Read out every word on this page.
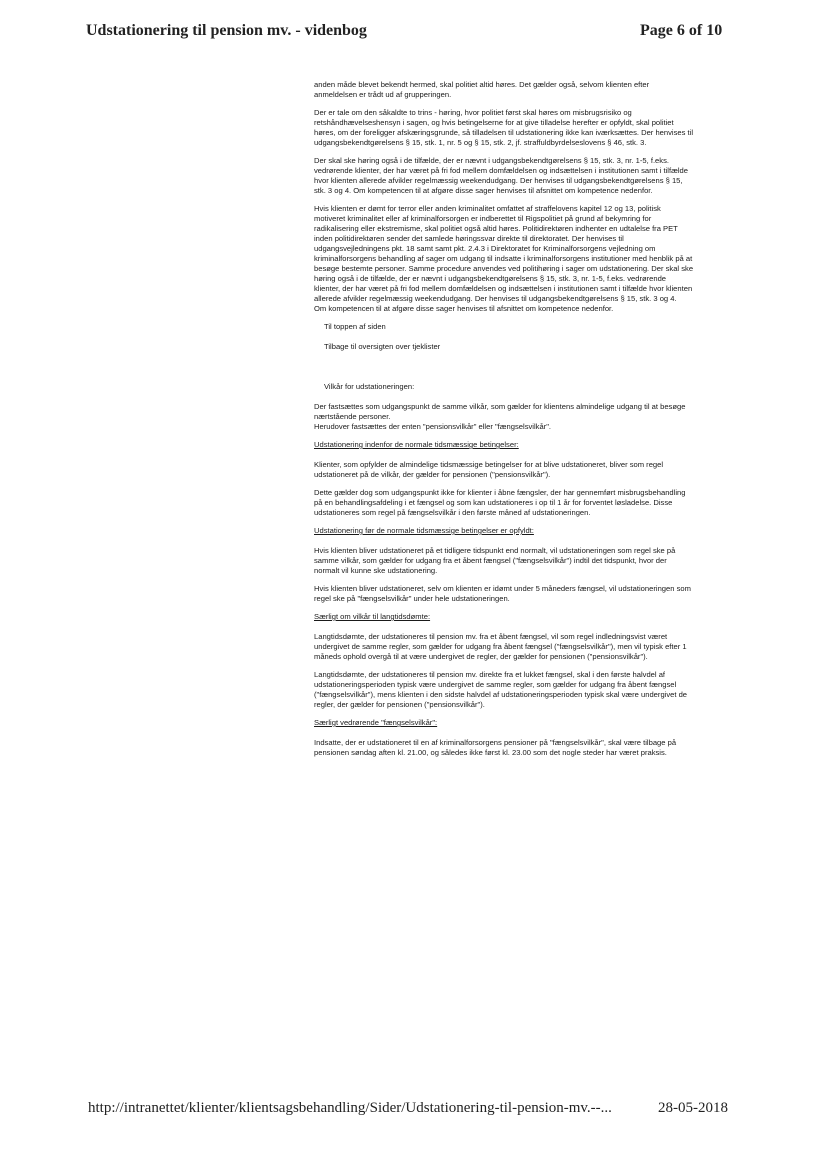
Udstationering til pension mv. - videnbog	Page 6 of 10

anden måde blevet bekendt hermed, skal politiet altid høres. Det gælder også, selvom klienten efter anmeldelsen er trådt ud af grupperingen.

Der er tale om den såkaldte to trins - høring, hvor politiet først skal høres om misbrugsrisiko og retshåndhævelseshensyn i sagen, og hvis betingelserne for at give tilladelse herefter er opfyldt, skal politiet høres, om der foreligger afskæringsgrunde, så tilladelsen til udstationering ikke kan iværksættes. Der henvises til udgangsbekendtgørelsens § 15, stk. 1, nr. 5 og § 15, stk. 2, jf. straffuldbyrdelseslovens § 46, stk. 3.

Der skal ske høring også i de tilfælde, der er nævnt i udgangsbekendtgørelsens § 15, stk. 3, nr. 1-5, f.eks. vedrørende klienter, der har været på fri fod mellem domfældelsen og indsættelsen i institutionen samt i tilfælde hvor klienten allerede afvikler regelmæssig weekendudgang. Der henvises til udgangsbekendtgørelsens § 15, stk. 3 og 4. Om kompetencen til at afgøre disse sager henvises til afsnittet om kompetence nedenfor.

Hvis klienten er dømt for terror eller anden kriminalitet omfattet af straffelovens kapitel 12 og 13, politisk motiveret kriminalitet eller af kriminalforsorgen er indberettet til Rigspolitiet på grund af bekymring for radikalisering eller ekstremisme, skal politiet også altid høres. Politidirektøren indhenter en udtalelse fra PET inden politidirektøren sender det samlede høringssvar direkte til direktoratet. Der henvises til udgangsvejledningens pkt. 18 samt samt pkt. 2.4.3 i Direktoratet for Kriminalforsorgens vejledning om kriminalforsorgens behandling af sager om udgang til indsatte i kriminalforsorgens institutioner med henblik på at besøge bestemte personer. Samme procedure anvendes ved politihøring i sager om udstationering. Der skal ske høring også i de tilfælde, der er nævnt i udgangsbekendtgørelsens § 15, stk. 3, nr. 1-5, f.eks. vedrørende klienter, der har været på fri fod mellem domfældelsen og indsættelsen i institutionen samt i tilfælde hvor klienten allerede afvikler regelmæssig weekendudgang. Der henvises til udgangsbekendtgørelsens § 15, stk. 3 og 4.

Om kompetencen til at afgøre disse sager henvises til afsnittet om kompetence nedenfor.

Til toppen af siden

Tilbage til oversigten over tjeklister

Vilkår for udstationeringen:

Der fastsættes som udgangspunkt de samme vilkår, som gælder for klientens almindelige udgang til at besøge nærtstående personer.

Herudover fastsættes der enten "pensionsvilkår" eller "fængselsvilkår".

Udstationering indenfor de normale tidsmæssige betingelser:

Klienter, som opfylder de almindelige tidsmæssige betingelser for at blive udstationeret, bliver som regel udstationeret på de vilkår, der gælder for pensionen ("pensionsvilkår").

Dette gælder dog som udgangspunkt ikke for klienter i åbne fængsler, der har gennemført misbrugsbehandling på en behandlingsafdeling i et fængsel og som kan udstationeres i op til 1 år for forventet løsladelse. Disse udstationeres som regel på fængselsvilkår i den første måned af udstationeringen.

Udstationering før de normale tidsmæssige betingelser er opfyldt:

Hvis klienten bliver udstationeret på et tidligere tidspunkt end normalt, vil udstationeringen som regel ske på samme vilkår, som gælder for udgang fra et åbent fængsel ("fængselsvilkår") indtil det tidspunkt, hvor der normalt vil kunne ske udstationering.

Hvis klienten bliver udstationeret, selv om klienten er idømt under 5 måneders fængsel, vil udstationeringen som regel ske på "fængselsvilkår" under hele udstationeringen.

Særligt om vilkår til langtidsdømte:

Langtidsdømte, der udstationeres til pension mv. fra et åbent fængsel, vil som regel indledningsvist været undergivet de samme regler, som gælder for udgang fra åbent fængsel ("fængselsvilkår"), men vil typisk efter 1 måneds ophold overgå til at være undergivet de regler, der gælder for pensionen ("pensionsvilkår").

Langtidsdømte, der udstationeres til pension mv. direkte fra et lukket fængsel, skal i den første halvdel af udstationeringsperioden typisk være undergivet de samme regler, som gælder for udgang fra åbent fængsel ("fængselsvilkår"), mens klienten i den sidste halvdel af udstationeringsperioden typisk skal være undergivet de regler, der gælder for pensionen ("pensionsvilkår").

Særligt vedrørende "fængselsvilkår":

Indsatte, der er udstationeret til en af kriminalforsorgens pensioner på "fængselsvilkår", skal være tilbage på pensionen søndag aften kl. 21.00, og således ikke først kl. 23.00 som det nogle steder har været praksis.

http://intranettet/klienter/klientsagsbehandling/Sider/Udstationering-til-pension-mv.--...	28-05-2018
